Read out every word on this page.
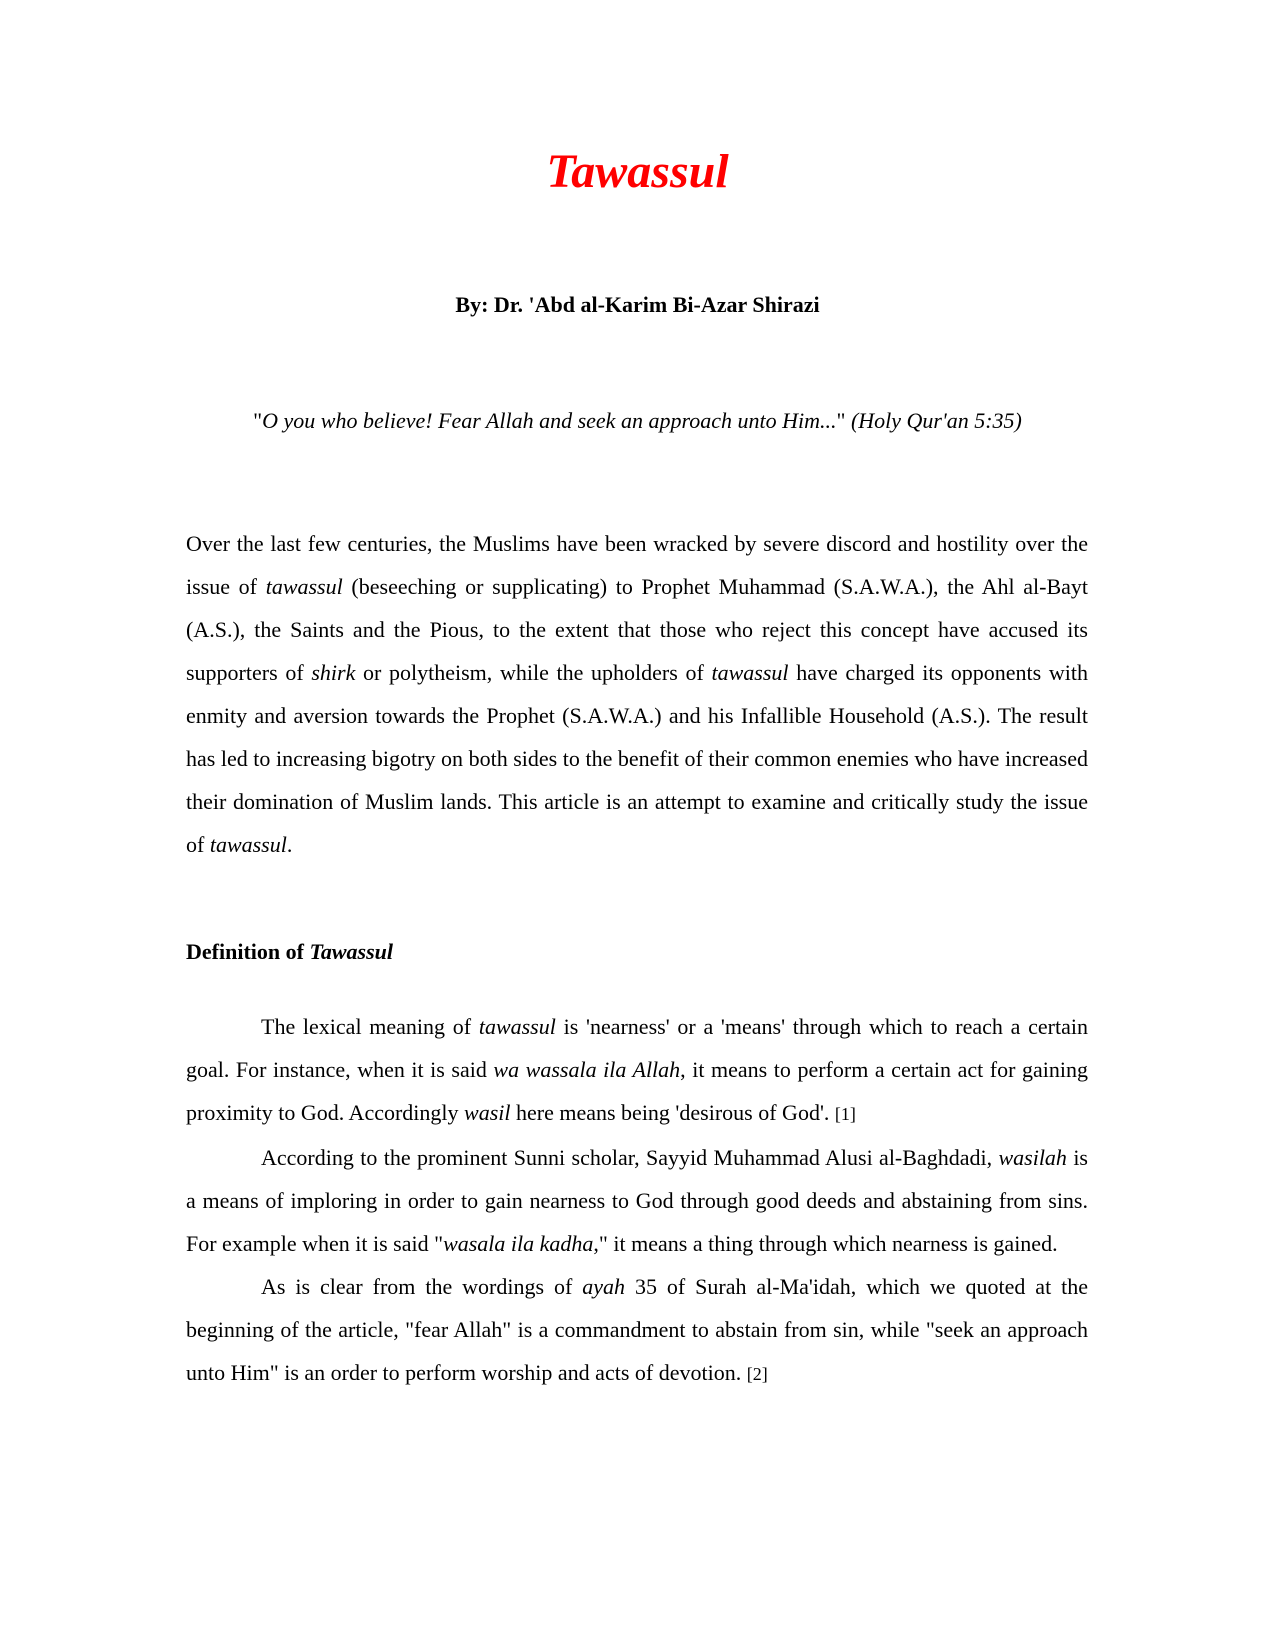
Tawassul

By: Dr. 'Abd al-Karim Bi-Azar Shirazi

"O you who believe! Fear Allah and seek an approach unto Him..." (Holy Qur'an 5:35)

Over the last few centuries, the Muslims have been wracked by severe discord and hostility over the issue of tawassul (beseeching or supplicating) to Prophet Muhammad (S.A.W.A.), the Ahl al-Bayt (A.S.), the Saints and the Pious, to the extent that those who reject this concept have accused its supporters of shirk or polytheism, while the upholders of tawassul have charged its opponents with enmity and aversion towards the Prophet (S.A.W.A.) and his Infallible Household (A.S.). The result has led to increasing bigotry on both sides to the benefit of their common enemies who have increased their domination of Muslim lands. This article is an attempt to examine and critically study the issue of tawassul.

Definition of Tawassul

The lexical meaning of tawassul is 'nearness' or a 'means' through which to reach a certain goal. For instance, when it is said wa wassala ila Allah, it means to perform a certain act for gaining proximity to God. Accordingly wasil here means being 'desirous of God'. [1]

According to the prominent Sunni scholar, Sayyid Muhammad Alusi al-Baghdadi, wasilah is a means of imploring in order to gain nearness to God through good deeds and abstaining from sins. For example when it is said "wasala ila kadha," it means a thing through which nearness is gained.

As is clear from the wordings of ayah 35 of Surah al-Ma'idah, which we quoted at the beginning of the article, "fear Allah" is a commandment to abstain from sin, while "seek an approach unto Him" is an order to perform worship and acts of devotion. [2]
